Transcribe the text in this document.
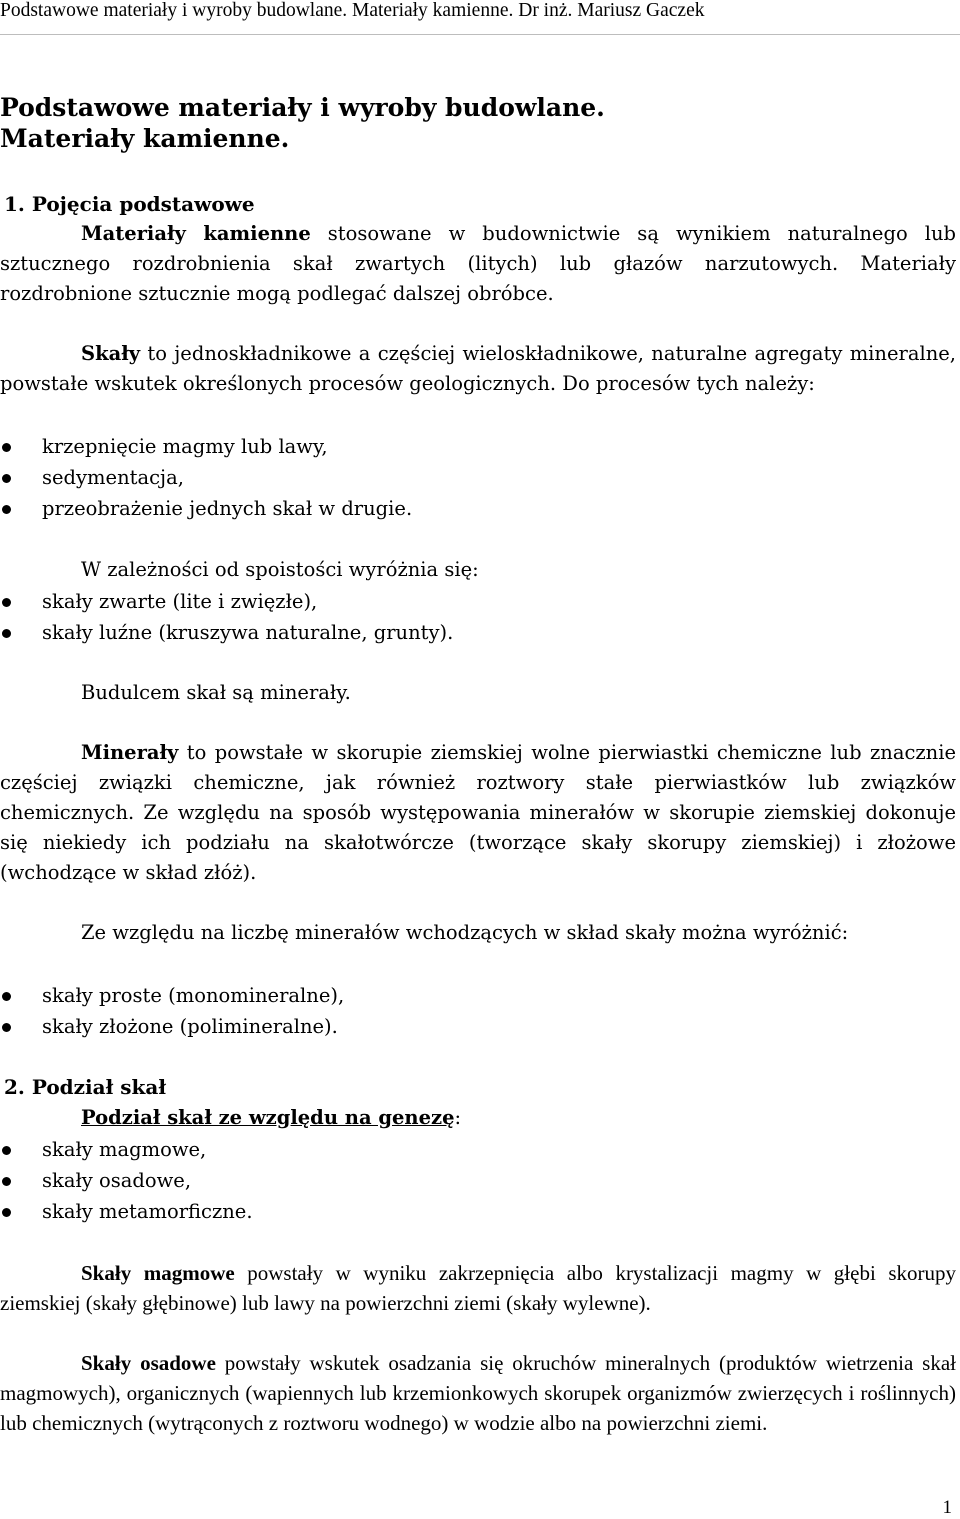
Podstawowe materiały i wyroby budowlane. Materiały kamienne. Dr inż. Mariusz Gaczek
Podstawowe materiały i wyroby budowlane.
Materiały kamienne.
1. Pojęcia podstawowe

Materiały kamienne stosowane w budownictwie są wynikiem naturalnego lub sztucznego rozdrobnienia skał zwartych (litych) lub głazów narzutowych. Materiały rozdrobnione sztucznie mogą podlegać dalszej obróbce.

Skały to jednoskładnikowe a częściej wieloskładnikowe, naturalne agregaty mineralne, powstałe wskutek określonych procesów geologicznych. Do procesów tych należy:

krzepnięcie magmy lub lawy,
sedymentacja,
przeobrażenie jednych skał w drugie.

W zależności od spoistości wyróżnia się:

skały zwarte (lite i zwięzłe),
skały luźne (kruszywa naturalne, grunty).

Budulcem skał są minerały.

Minerały to powstałe w skorupie ziemskiej wolne pierwiastki chemiczne lub znacznie częściej związki chemiczne, jak również roztwory stałe pierwiastków lub związków chemicznych. Ze względu na sposób występowania minerałów w skorupie ziemskiej dokonuje się niekiedy ich podziału na skałotwórcze (tworzące skały skorupy ziemskiej) i złożowe (wchodzące w skład złóż).

Ze względu na liczbę minerałów wchodzących w skład skały można wyróżnić:

skały proste (monomineralne),
skały złożone (polimineralne).
2. Podział skał
Podział skał ze względu na genezę:
skały magmowe,
skały osadowe,
skały metamorficzne.

Skały magmowe powstały w wyniku zakrzepnięcia albo krystalizacji magmy w głębi skorupy ziemskiej (skały głębinowe) lub lawy na powierzchni ziemi (skały wylewne).

Skały osadowe powstały wskutek osadzania się okruchów mineralnych (produktów wietrzenia skał magmowych), organicznych (wapiennych lub krzemionkowych skorupek organizmów zwierzęcych i roślinnych) lub chemicznych (wytrąconych z roztworu wodnego) w wodzie albo na powierzchni ziemi.

1
